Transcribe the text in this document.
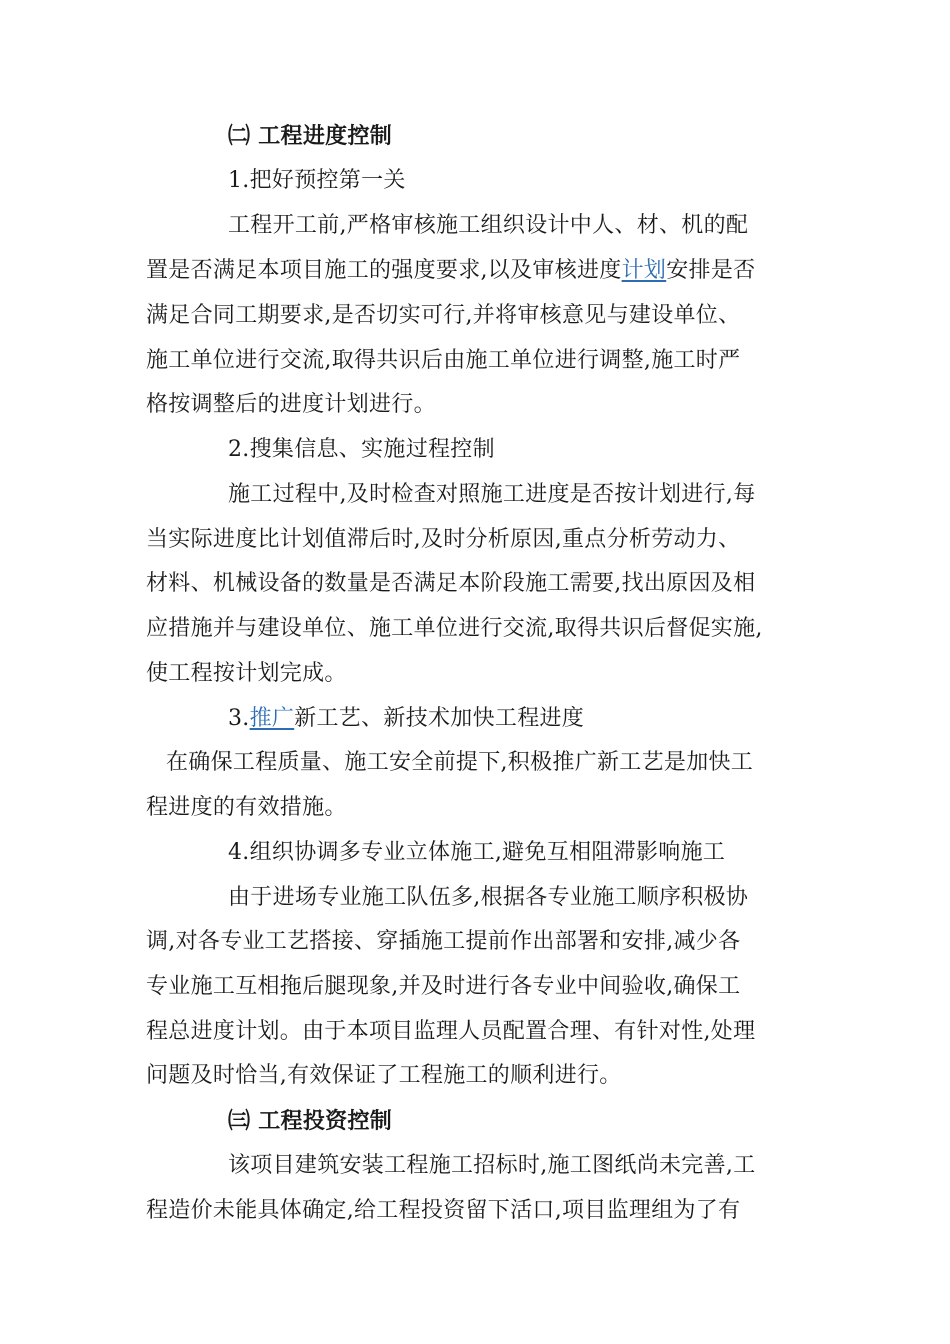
㈡ 工程进度控制
1.把好预控第一关
工程开工前,严格审核施工组织设计中人、材、机的配
置是否满足本项目施工的强度要求,以及审核进度计划安排是否
满足合同工期要求,是否切实可行,并将审核意见与建设单位、
施工单位进行交流,取得共识后由施工单位进行调整,施工时严
格按调整后的进度计划进行。
2.搜集信息、实施过程控制
施工过程中,及时检查对照施工进度是否按计划进行,每
当实际进度比计划值滞后时,及时分析原因,重点分析劳动力、
材料、机械设备的数量是否满足本阶段施工需要,找出原因及相
应措施并与建设单位、施工单位进行交流,取得共识后督促实施,
使工程按计划完成。
3.推广新工艺、新技术加快工程进度
在确保工程质量、施工安全前提下,积极推广新工艺是加快工
程进度的有效措施。
4.组织协调多专业立体施工,避免互相阻滞影响施工
由于进场专业施工队伍多,根据各专业施工顺序积极协
调,对各专业工艺搭接、穿插施工提前作出部署和安排,减少各
专业施工互相拖后腿现象,并及时进行各专业中间验收,确保工
程总进度计划。由于本项目监理人员配置合理、有针对性,处理
问题及时恰当,有效保证了工程施工的顺利进行。
㈢ 工程投资控制
该项目建筑安装工程施工招标时,施工图纸尚未完善,工
程造价未能具体确定,给工程投资留下活口,项目监理组为了有
